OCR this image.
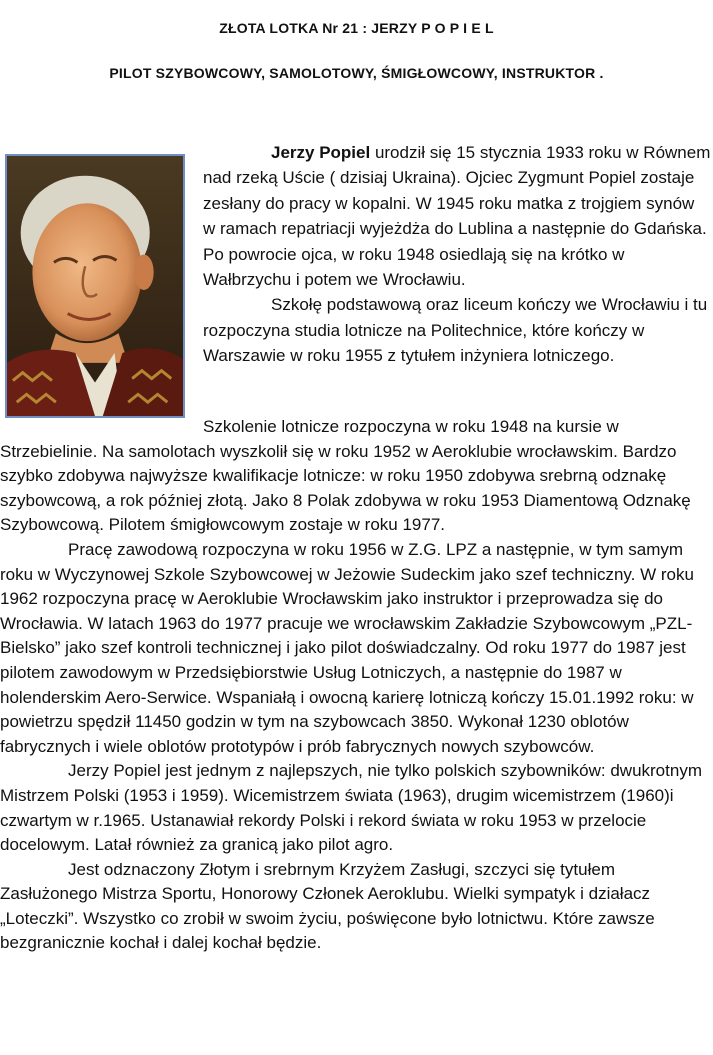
ZŁOTA LOTKA Nr 21 : JERZY P O P I E L
PILOT SZYBOWCOWY, SAMOLOTOWY, ŚMIGŁOWCOWY, INSTRUKTOR .

Jerzy Popiel urodził się 15 stycznia 1933 roku w Równem nad rzeką Uście ( dzisiaj Ukraina). Ojciec Zygmunt Popiel zostaje zesłany do pracy w kopalni. W 1945 roku matka z trojgiem synów w ramach repatriacji wyjeżdża do Lublina a następnie do Gdańska. Po powrocie ojca, w roku 1948 osiedlają się na krótko w Wałbrzychu i potem we Wrocławiu.

Szkołę podstawową oraz liceum kończy we Wrocławiu i tu rozpoczyna studia lotnicze na Politechnice, które kończy w Warszawie w roku 1955 z tytułem inżyniera lotniczego.

Szkolenie lotnicze rozpoczyna w roku 1948 na kursie w
Strzebielinie. Na samolotach wyszkolił się w roku 1952 w Aeroklubie wrocławskim. Bardzo szybko zdobywa najwyższe kwalifikacje lotnicze: w roku 1950 zdobywa srebrną odznakę szybowcową, a rok później złotą. Jako 8 Polak zdobywa w roku 1953 Diamentową Odznakę Szybowcową. Pilotem śmigłowcowym zostaje w roku 1977.

Pracę zawodową rozpoczyna w roku 1956 w Z.G. LPZ a następnie, w tym samym roku w Wyczynowej Szkole Szybowcowej w Jeżowie Sudeckim jako szef techniczny. W roku 1962 rozpoczyna pracę w Aeroklubie Wrocławskim jako instruktor i przeprowadza się do Wrocławia. W latach 1963 do 1977 pracuje we wrocławskim Zakładzie Szybowcowym „PZL-Bielsko” jako szef kontroli technicznej i jako pilot doświadczalny. Od roku 1977 do 1987 jest pilotem zawodowym w Przedsiębiorstwie Usług Lotniczych, a następnie do 1987 w holenderskim Aero-Serwice. Wspaniałą i owocną karierę lotniczą kończy 15.01.1992 roku: w powietrzu spędził 11450 godzin w tym na szybowcach 3850. Wykonał 1230 oblotów fabrycznych i wiele oblotów prototypów i prób fabrycznych nowych szybowców.

Jerzy Popiel jest jednym z najlepszych, nie tylko polskich szybowników: dwukrotnym Mistrzem Polski (1953 i 1959). Wicemistrzem świata (1963), drugim wicemistrzem (1960)i czwartym w r.1965. Ustanawiał rekordy Polski i rekord świata w roku 1953 w przelocie docelowym. Latał również za granicą jako pilot agro.

Jest odznaczony Złotym i srebrnym Krzyżem Zasługi, szczyci się tytułem Zasłużonego Mistrza Sportu, Honorowy Członek Aeroklubu. Wielki sympatyk i działacz „Loteczki”. Wszystko co zrobił w swoim życiu, poświęcone było lotnictwu. Które zawsze bezgranicznie kochał i dalej kochał będzie.
